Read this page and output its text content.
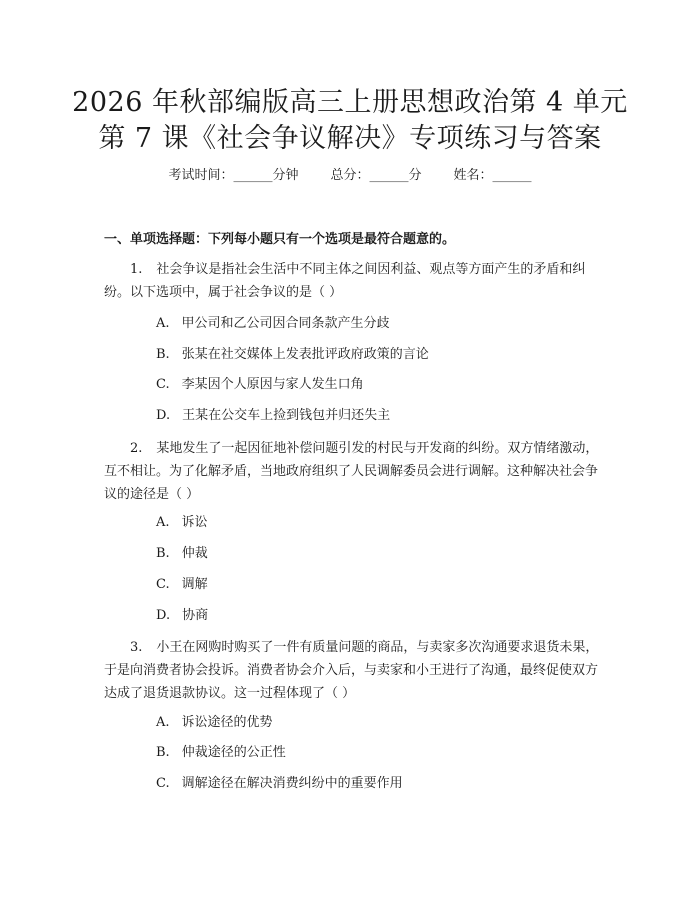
2026 年秋部编版高三上册思想政治第 4 单元
第 7 课《社会争议解决》专项练习与答案
考试时间：______分钟 总分：______分 姓名：______
一、单项选择题：下列每小题只有一个选项是最符合题意的。
1. 社会争议是指社会生活中不同主体之间因利益、观点等方面产生的矛盾和纠纷。以下选项中，属于社会争议的是（ ）
A. 甲公司和乙公司因合同条款产生分歧
B. 张某在社交媒体上发表批评政府政策的言论
C. 李某因个人原因与家人发生口角
D. 王某在公交车上捡到钱包并归还失主
2. 某地发生了一起因征地补偿问题引发的村民与开发商的纠纷。双方情绪激动，互不相让。为了化解矛盾，当地政府组织了人民调解委员会进行调解。这种解决社会争议的途径是（ ）
A. 诉讼
B. 仲裁
C. 调解
D. 协商
3. 小王在网购时购买了一件有质量问题的商品，与卖家多次沟通要求退货未果，于是向消费者协会投诉。消费者协会介入后，与卖家和小王进行了沟通，最终促使双方达成了退货退款协议。这一过程体现了（ ）
A. 诉讼途径的优势
B. 仲裁途径的公正性
C. 调解途径在解决消费纠纷中的重要作用
